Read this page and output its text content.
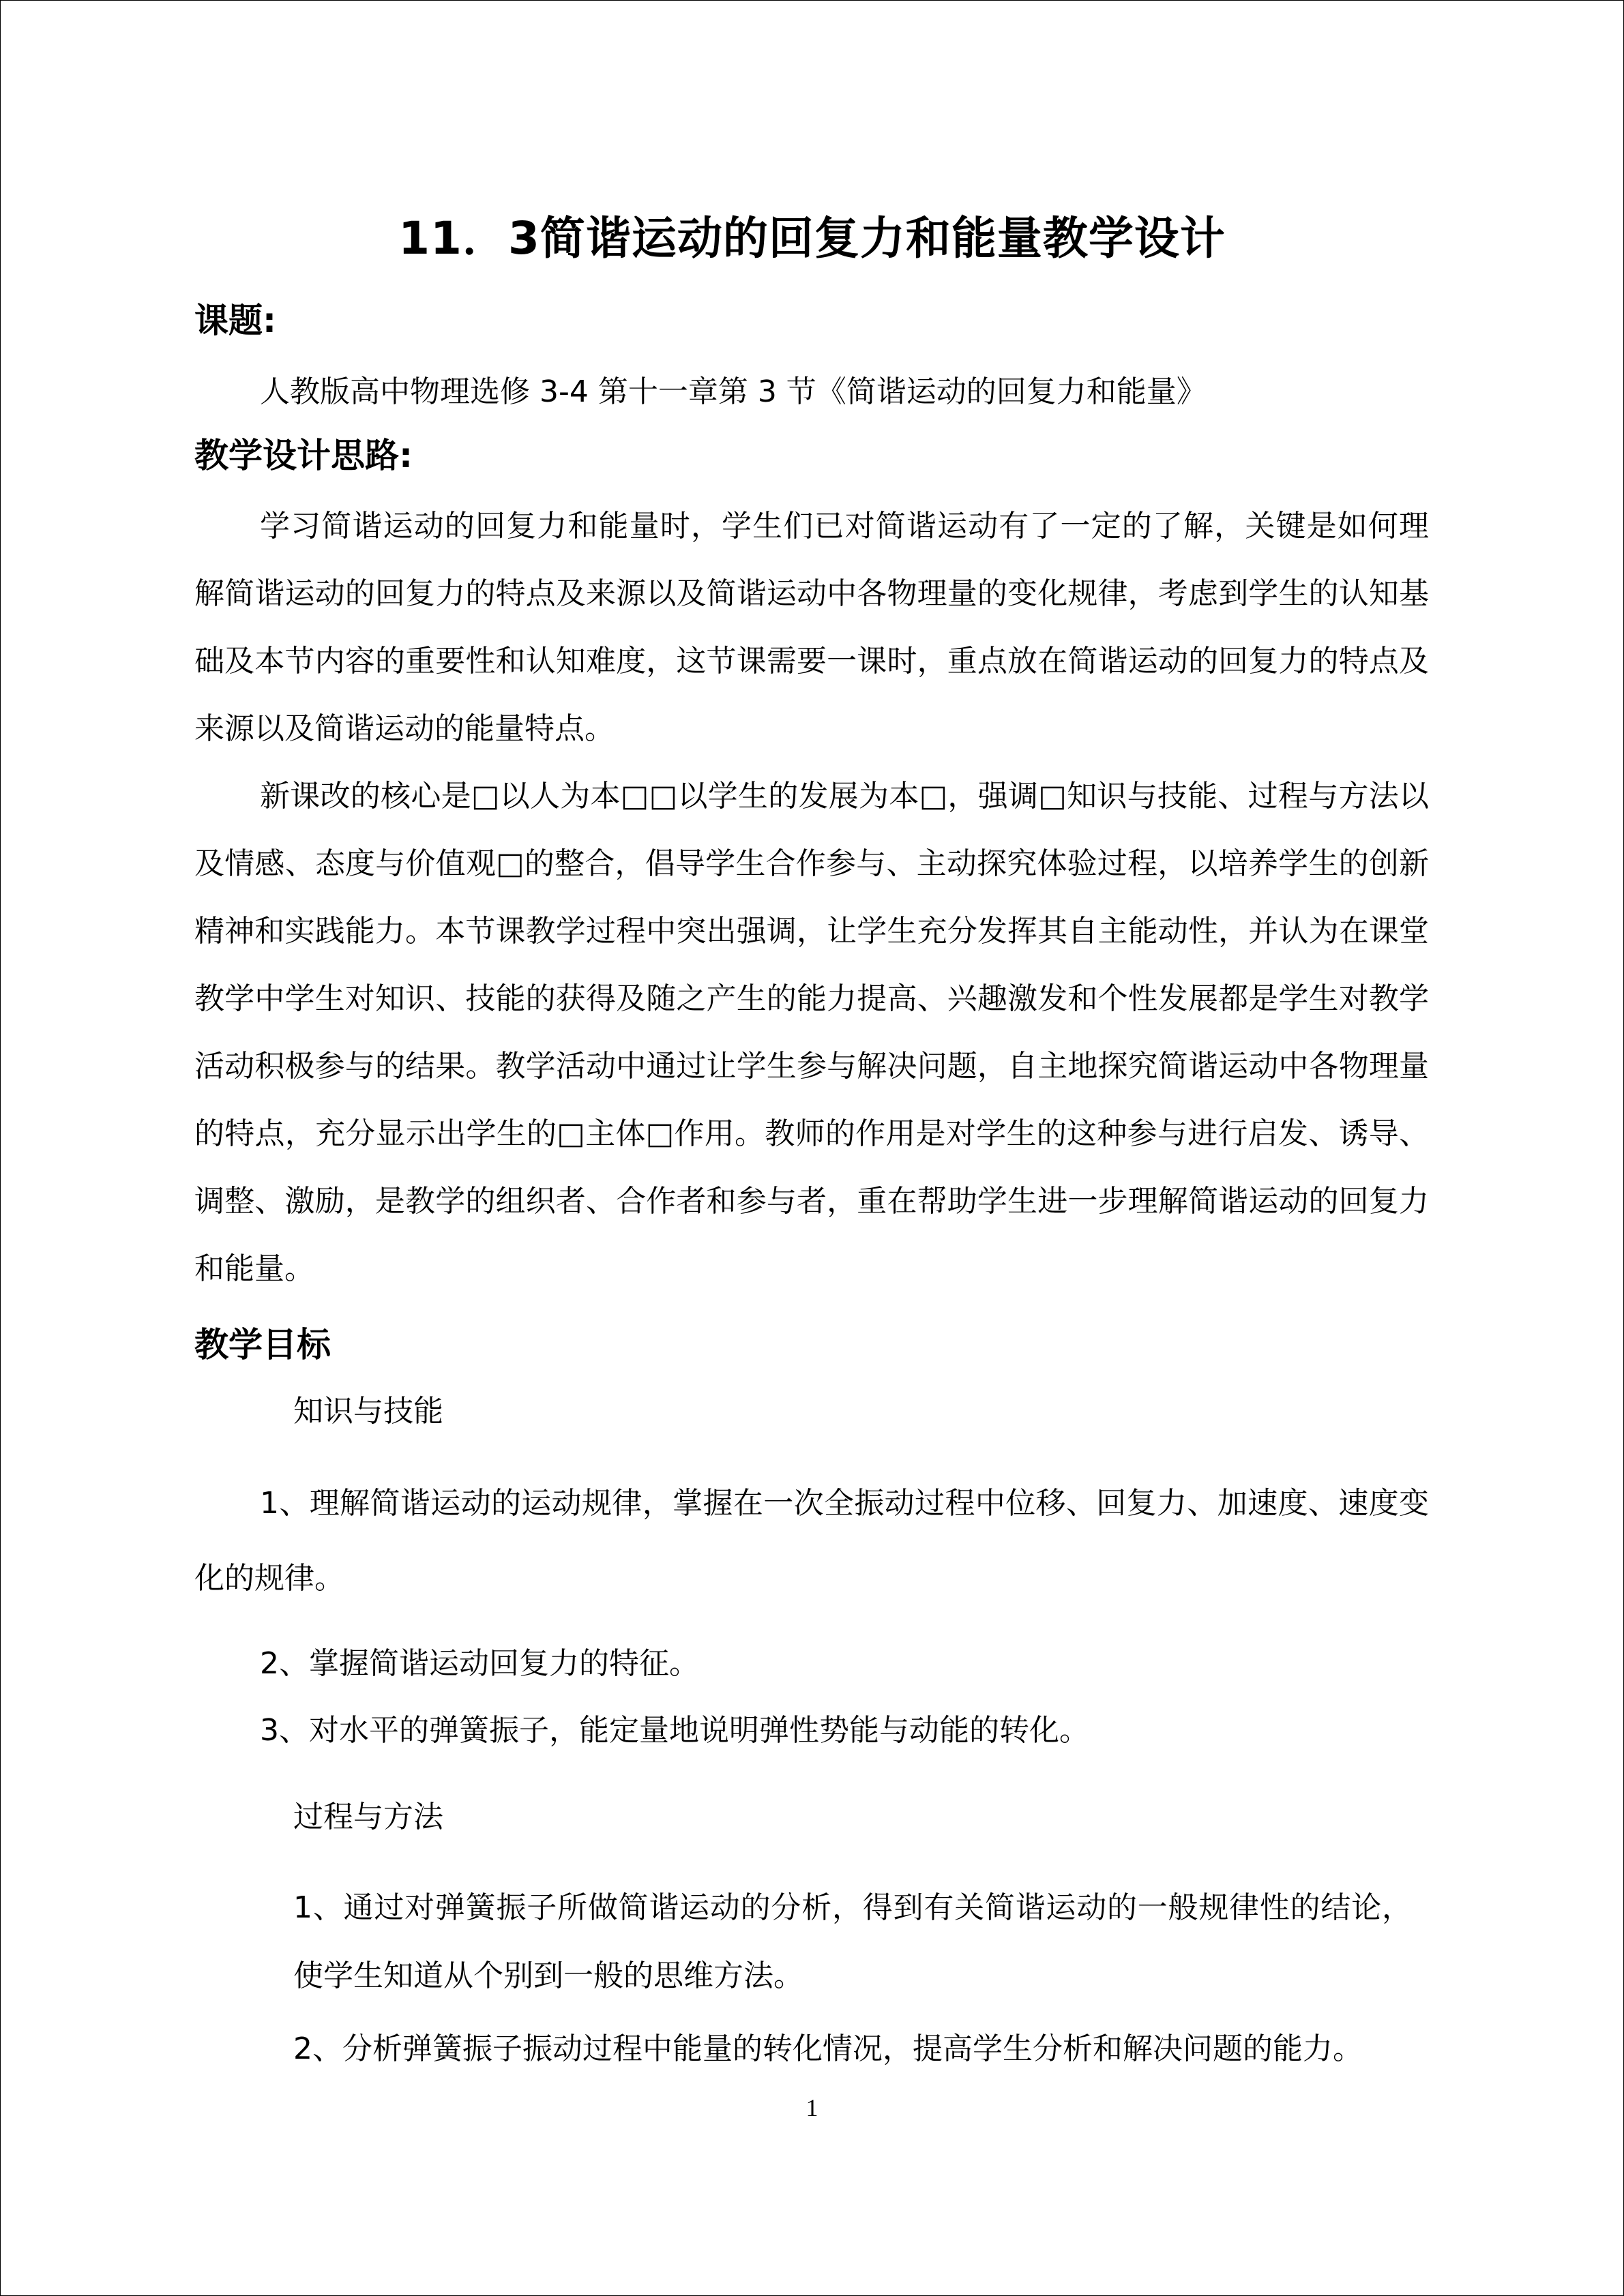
11．3简谐运动的回复力和能量教学设计
课题:
人教版高中物理选修 3-4 第十一章第 3 节《简谐运动的回复力和能量》
教学设计思路:

学习简谐运动的回复力和能量时，学生们已对简谐运动有了一定的了解，关键是如何理解简谐运动的回复力的特点及来源以及简谐运动中各物理量的变化规律，考虑到学生的认知基础及本节内容的重要性和认知难度，这节课需要一课时，重点放在简谐运动的回复力的特点及来源以及简谐运动的能量特点。

新课改的核心是□以人为本□□以学生的发展为本□，强调□知识与技能、过程与方法以及情感、态度与价值观□的整合，倡导学生合作参与、主动探究体验过程，以培养学生的创新精神和实践能力。本节课教学过程中突出强调，让学生充分发挥其自主能动性，并认为在课堂教学中学生对知识、技能的获得及随之产生的能力提高、兴趣激发和个性发展都是学生对教学活动积极参与的结果。教学活动中通过让学生参与解决问题，自主地探究简谐运动中各物理量的特点，充分显示出学生的□主体□作用。教师的作用是对学生的这种参与进行启发、诱导、调整、激励，是教学的组织者、合作者和参与者，重在帮助学生进一步理解简谐运动的回复力和能量。

教学目标
知识与技能

1、理解简谐运动的运动规律，掌握在一次全振动过程中位移、回复力、加速度、速度变化的规律。

2、掌握简谐运动回复力的特征。

3、对水平的弹簧振子，能定量地说明弹性势能与动能的转化。

过程与方法

1、通过对弹簧振子所做简谐运动的分析，得到有关简谐运动的一般规律性的结论，使学生知道从个别到一般的思维方法。

2、分析弹簧振子振动过程中能量的转化情况，提高学生分析和解决问题的能力。

1
